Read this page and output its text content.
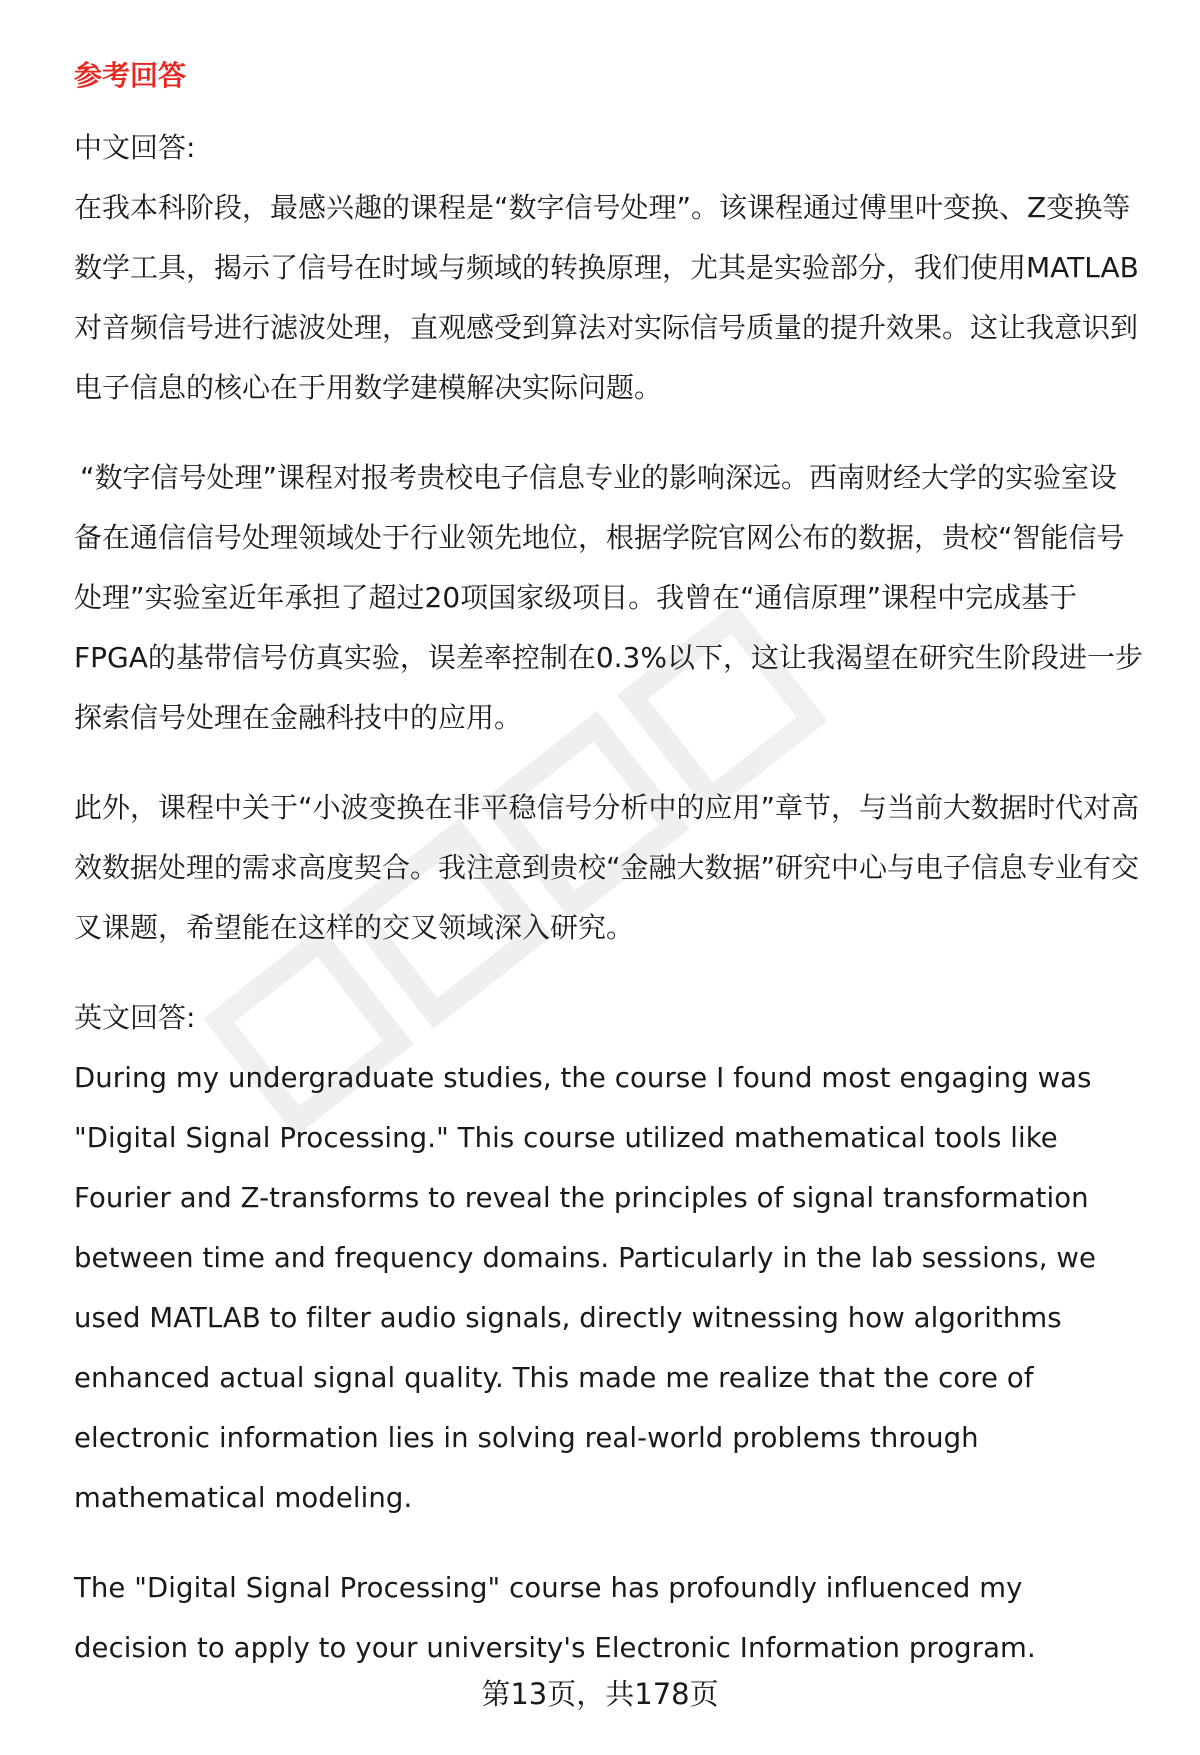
参考回答
中文回答:

在我本科阶段，最感兴趣的课程是“数字信号处理”。该课程通过傅里叶变换、Z变换等数学工具，揭示了信号在时域与频域的转换原理，尤其是实验部分，我们使用MATLAB对音频信号进行滤波处理，直观感受到算法对实际信号质量的提升效果。这让我意识到电子信息的核心在于用数学建模解决实际问题。

“数字信号处理”课程对报考贵校电子信息专业的影响深远。西南财经大学的实验室设备在通信信号处理领域处于行业领先地位，根据学院官网公布的数据，贵校“智能信号处理”实验室近年承担了超过20项国家级项目。我曾在“通信原理”课程中完成基于FPGA的基带信号仿真实验，误差率控制在0.3%以下，这让我渴望在研究生阶段进一步探索信号处理在金融科技中的应用。

此外，课程中关于“小波变换在非平稳信号分析中的应用”章节，与当前大数据时代对高效数据处理的需求高度契合。我注意到贵校“金融大数据”研究中心与电子信息专业有交叉课题，希望能在这样的交叉领域深入研究。

英文回答:

During my undergraduate studies, the course I found most engaging was "Digital Signal Processing." This course utilized mathematical tools like Fourier and Z-transforms to reveal the principles of signal transformation between time and frequency domains. Particularly in the lab sessions, we used MATLAB to filter audio signals, directly witnessing how algorithms enhanced actual signal quality. This made me realize that the core of electronic information lies in solving real-world problems through mathematical modeling.

The "Digital Signal Processing" course has profoundly influenced my decision to apply to your university's Electronic Information program.

第13页，共178页
